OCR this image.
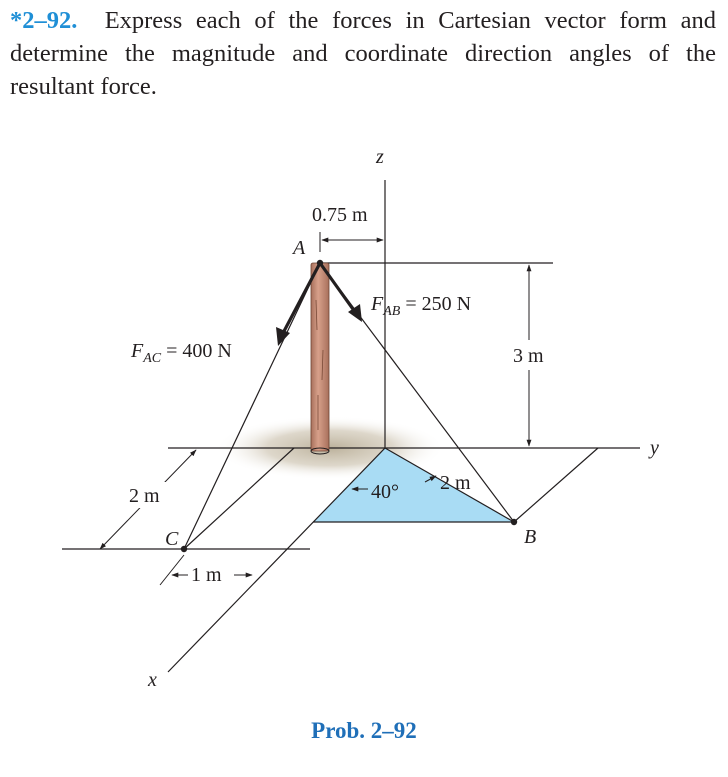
*2–92. Express each of the forces in Cartesian vector form and determine the magnitude and coordinate direction angles of the resultant force.

z
y
x
A
B
C
$F_{AC} = 400$ N
$F_{AB} = 250$ N
0.75 m
3 m
2 m
1 m
2 m
40°
Prob. 2–92
